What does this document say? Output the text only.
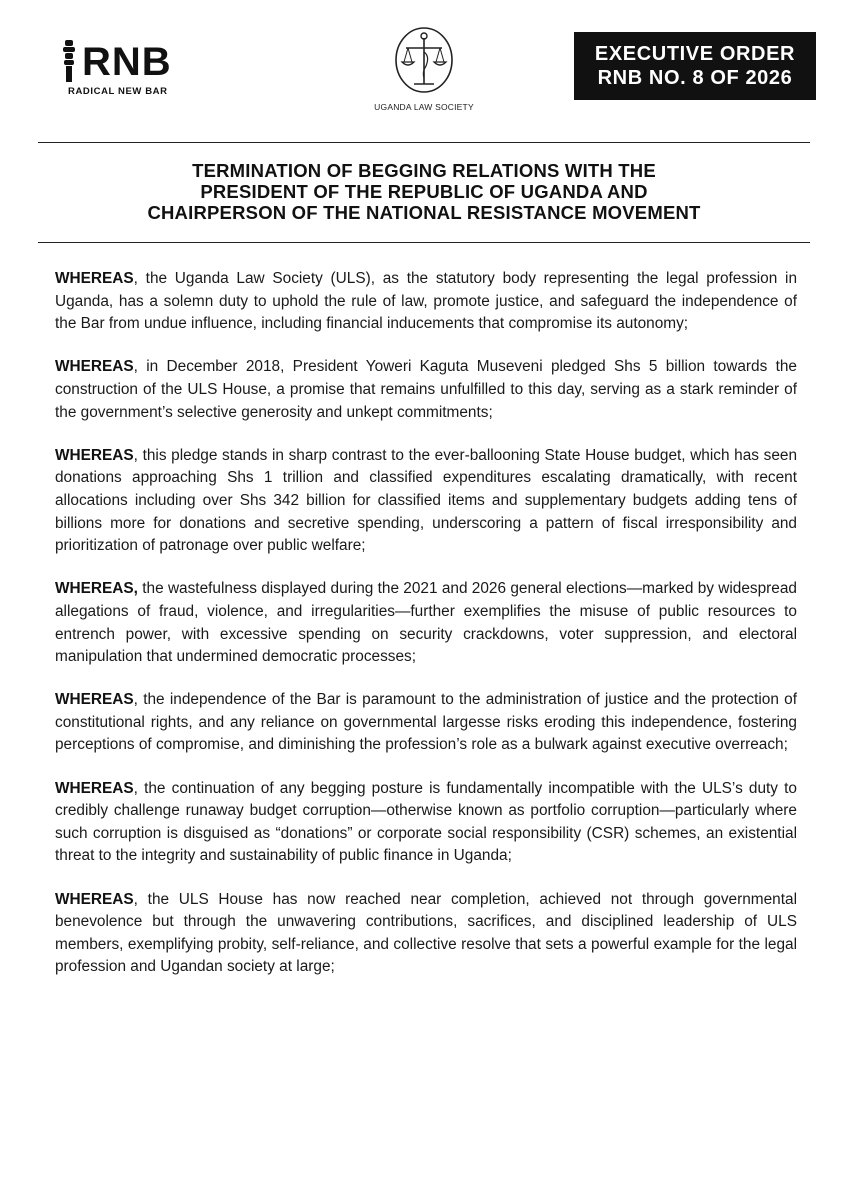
RNB
RADICAL NEW BAR
UGANDA LAW SOCIETY
EXECUTIVE ORDER
RNB NO. 8 OF 2026
TERMINATION OF BEGGING RELATIONS WITH THE
PRESIDENT OF THE REPUBLIC OF UGANDA AND
CHAIRPERSON OF THE NATIONAL RESISTANCE MOVEMENT

WHEREAS, the Uganda Law Society (ULS), as the statutory body representing the legal profession in Uganda, has a solemn duty to uphold the rule of law, promote justice, and safeguard the independence of the Bar from undue influence, including financial inducements that compromise its autonomy;

WHEREAS, in December 2018, President Yoweri Kaguta Museveni pledged Shs 5 billion towards the construction of the ULS House, a promise that remains unfulfilled to this day, serving as a stark reminder of the government’s selective generosity and unkept commitments;

WHEREAS, this pledge stands in sharp contrast to the ever-ballooning State House budget, which has seen donations approaching Shs 1 trillion and classified expenditures escalating dramatically, with recent allocations including over Shs 342 billion for classified items and supplementary budgets adding tens of billions more for donations and secretive spending, underscoring a pattern of fiscal irresponsibility and prioritization of patronage over public welfare;

WHEREAS, the wastefulness displayed during the 2021 and 2026 general elections—marked by widespread allegations of fraud, violence, and irregularities—further exemplifies the misuse of public resources to entrench power, with excessive spending on security crackdowns, voter suppression, and electoral manipulation that undermined democratic processes;

WHEREAS, the independence of the Bar is paramount to the administration of justice and the protection of constitutional rights, and any reliance on governmental largesse risks eroding this independence, fostering perceptions of compromise, and diminishing the profession’s role as a bulwark against executive overreach;

WHEREAS, the continuation of any begging posture is fundamentally incompatible with the ULS’s duty to credibly challenge runaway budget corruption—otherwise known as portfolio corruption—particularly where such corruption is disguised as “donations” or corporate social responsibility (CSR) schemes, an existential threat to the integrity and sustainability of public finance in Uganda;

WHEREAS, the ULS House has now reached near completion, achieved not through governmental benevolence but through the unwavering contributions, sacrifices, and disciplined leadership of ULS members, exemplifying probity, self-reliance, and collective resolve that sets a powerful example for the legal profession and Ugandan society at large;
